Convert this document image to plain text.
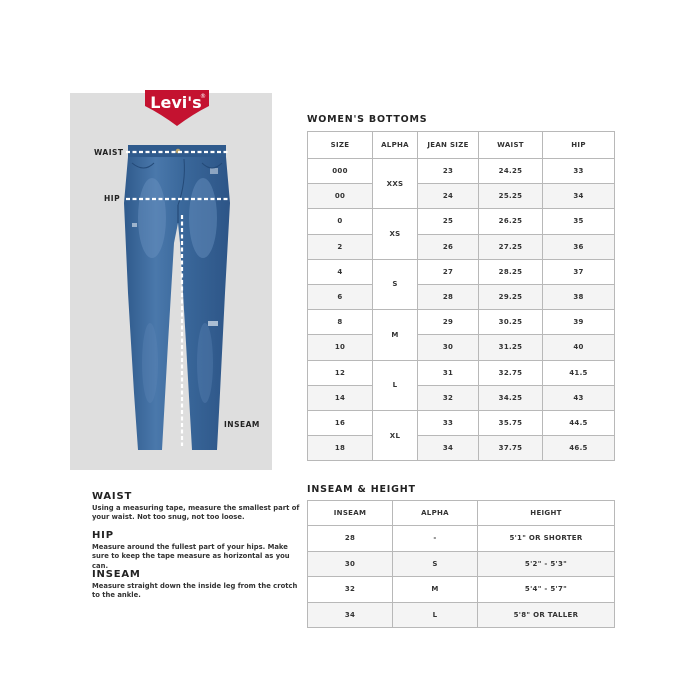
Levi's
®
WAIST
HIP
INSEAM
WAIST

Using a measuring tape, measure the smallest part of your waist. Not too snug, not too loose.

HIP

Measure around the fullest part of your hips. Make sure to keep the tape measure as horizontal as you can.

INSEAM

Measure straight down the inside leg from the crotch to the ankle.

WOMEN'S BOTTOMS
SIZE	ALPHA	JEAN SIZE	WAIST	HIP
000	XXS	23	24.25	33
00		24	25.25	34
0	XS	25	26.25	35
2		26	27.25	36
4	S	27	28.25	37
6		28	29.25	38
8	M	29	30.25	39
10		30	31.25	40
12	L	31	32.75	41.5
14		32	34.25	43
16	XL	33	35.75	44.5
18		34	37.75	46.5
INSEAM & HEIGHT
INSEAM	ALPHA	HEIGHT
28	-	5'1" OR SHORTER
30	S	5'2" - 5'3"
32	M	5'4" - 5'7"
34	L	5'8" OR TALLER
